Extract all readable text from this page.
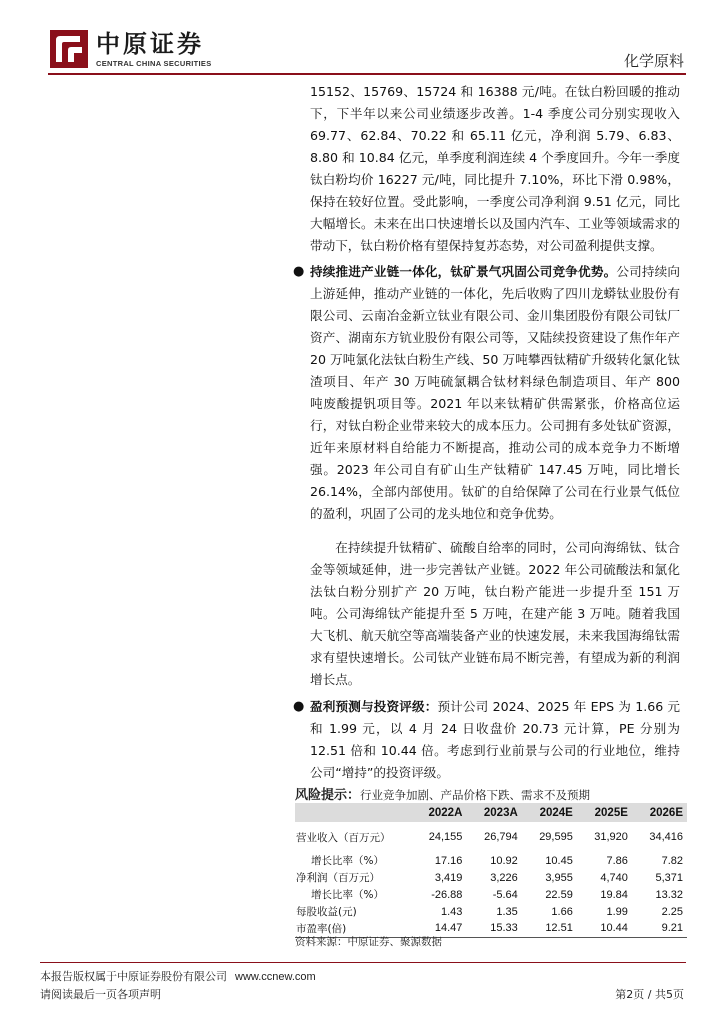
中原证券
CENTRAL CHINA SECURITIES	化学原料
15152、15769、15724 和 16388 元/吨。在钛白粉回暖的推动下，下半年以来公司业绩逐步改善。1-4 季度公司分别实现收入 69.77、62.84、70.22 和 65.11 亿元，净利润 5.79、6.83、8.80 和 10.84 亿元，单季度利润连续 4 个季度回升。今年一季度钛白粉均价 16227 元/吨，同比提升 7.10%，环比下滑 0.98%，保持在较好位置。受此影响，一季度公司净利润 9.51 亿元，同比大幅增长。未来在出口快速增长以及国内汽车、工业等领域需求的带动下，钛白粉价格有望保持复苏态势，对公司盈利提供支撑。
● 持续推进产业链一体化，钛矿景气巩固公司竞争优势。公司持续向上游延伸，推动产业链的一体化，先后收购了四川龙蟒钛业股份有限公司、云南冶金新立钛业有限公司、金川集团股份有限公司钛厂资产、湖南东方钪业股份有限公司等，又陆续投资建设了焦作年产 20 万吨氯化法钛白粉生产线、50 万吨攀西钛精矿升级转化氯化钛渣项目、年产 30 万吨硫氯耦合钛材料绿色制造项目、年产 800 吨废酸提钒项目等。2021 年以来钛精矿供需紧张，价格高位运行，对钛白粉企业带来较大的成本压力。公司拥有多处钛矿资源，近年来原材料自给能力不断提高，推动公司的成本竞争力不断增强。2023 年公司自有矿山生产钛精矿 147.45 万吨，同比增长 26.14%，全部内部使用。钛矿的自给保障了公司在行业景气低位的盈利，巩固了公司的龙头地位和竞争优势。
在持续提升钛精矿、硫酸自给率的同时，公司向海绵钛、钛合金等领域延伸，进一步完善钛产业链。2022 年公司硫酸法和氯化法钛白粉分别扩产 20 万吨，钛白粉产能进一步提升至 151 万吨。公司海绵钛产能提升至 5 万吨，在建产能 3 万吨。随着我国大飞机、航天航空等高端装备产业的快速发展，未来我国海绵钛需求有望快速增长。公司钛产业链布局不断完善，有望成为新的利润增长点。
● 盈利预测与投资评级：预计公司 2024、2025 年 EPS 为 1.66 元和 1.99 元，以 4 月 24 日收盘价 20.73 元计算，PE 分别为 12.51 倍和 10.44 倍。考虑到行业前景与公司的行业地位，维持公司“增持”的投资评级。
风险提示：行业竞争加剧、产品价格下跌、需求不及预期
	2022A	2023A	2024E	2025E	2026E
营业收入（百万元）	24,155	26,794	29,595	31,920	34,416
增长比率（%）	17.16	10.92	10.45	7.86	7.82
净利润（百万元）	3,419	3,226	3,955	4,740	5,371
增长比率（%）	-26.88	-5.64	22.59	19.84	13.32
每股收益(元)	1.43	1.35	1.66	1.99	2.25
市盈率(倍)	14.47	15.33	12.51	10.44	9.21
资料来源：中原证券、聚源数据
本报告版权属于中原证券股份有限公司 www.ccnew.com
请阅读最后一页各项声明	第2页 / 共5页
